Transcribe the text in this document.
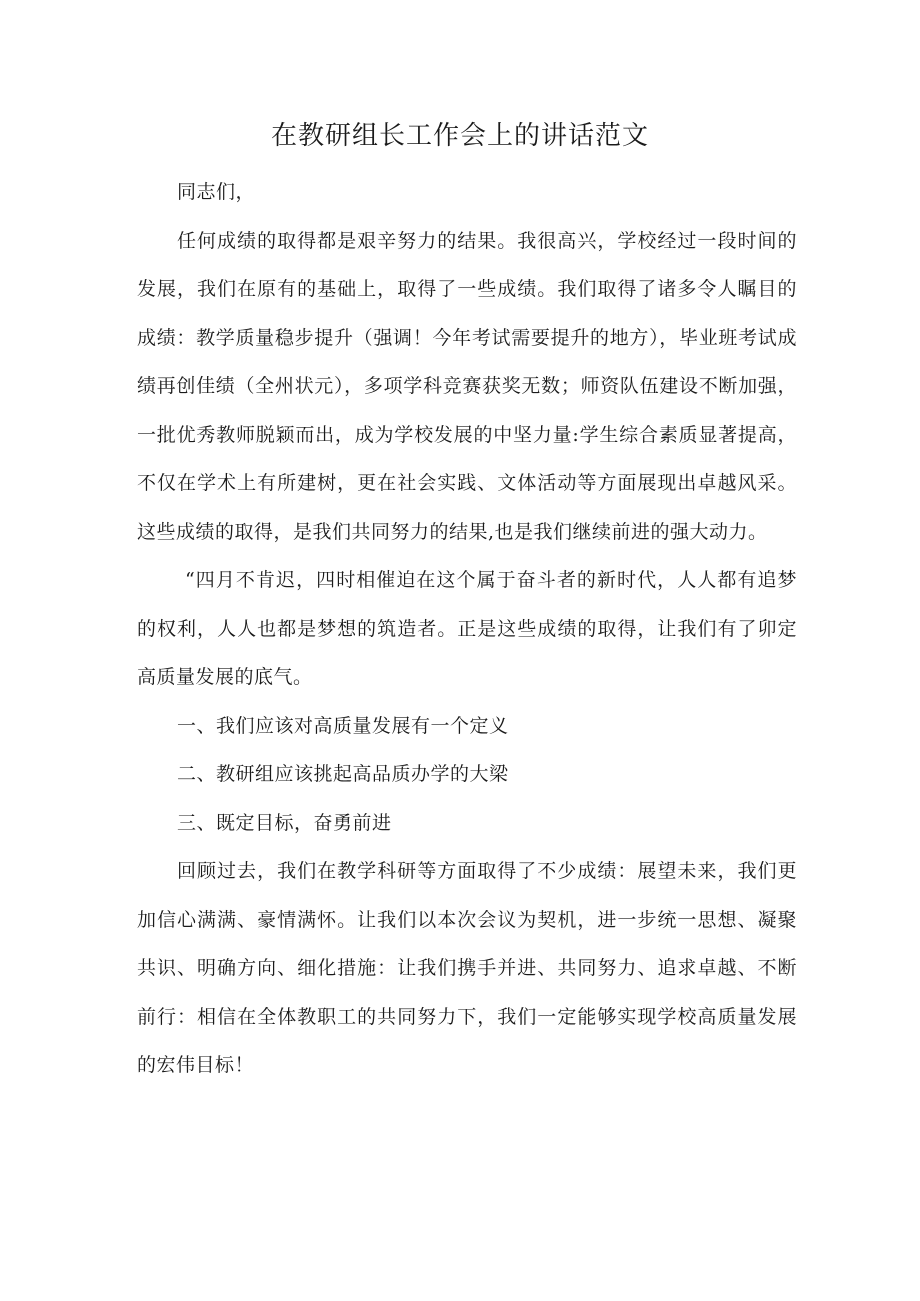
在教研组长工作会上的讲话范文

同志们，

任何成绩的取得都是艰辛努力的结果。我很高兴，学校经过一段时间的发展，我们在原有的基础上，取得了一些成绩。我们取得了诸多令人瞩目的成绩：教学质量稳步提升（强调！今年考试需要提升的地方），毕业班考试成绩再创佳绩（全州状元），多项学科竞赛获奖无数；师资队伍建设不断加强，一批优秀教师脱颖而出，成为学校发展的中坚力量:学生综合素质显著提高，不仅在学术上有所建树，更在社会实践、文体活动等方面展现出卓越风采。这些成绩的取得，是我们共同努力的结果,也是我们继续前进的强大动力。

“四月不肯迟，四时相催迫在这个属于奋斗者的新时代，人人都有追梦的权利，人人也都是梦想的筑造者。正是这些成绩的取得，让我们有了卯定高质量发展的底气。

一、我们应该对高质量发展有一个定义

二、教研组应该挑起高品质办学的大梁

三、既定目标，奋勇前进

回顾过去，我们在教学科研等方面取得了不少成绩：展望未来，我们更加信心满满、豪情满怀。让我们以本次会议为契机，进一步统一思想、凝聚共识、明确方向、细化措施：让我们携手并进、共同努力、追求卓越、不断前行：相信在全体教职工的共同努力下，我们一定能够实现学校高质量发展的宏伟目标！
